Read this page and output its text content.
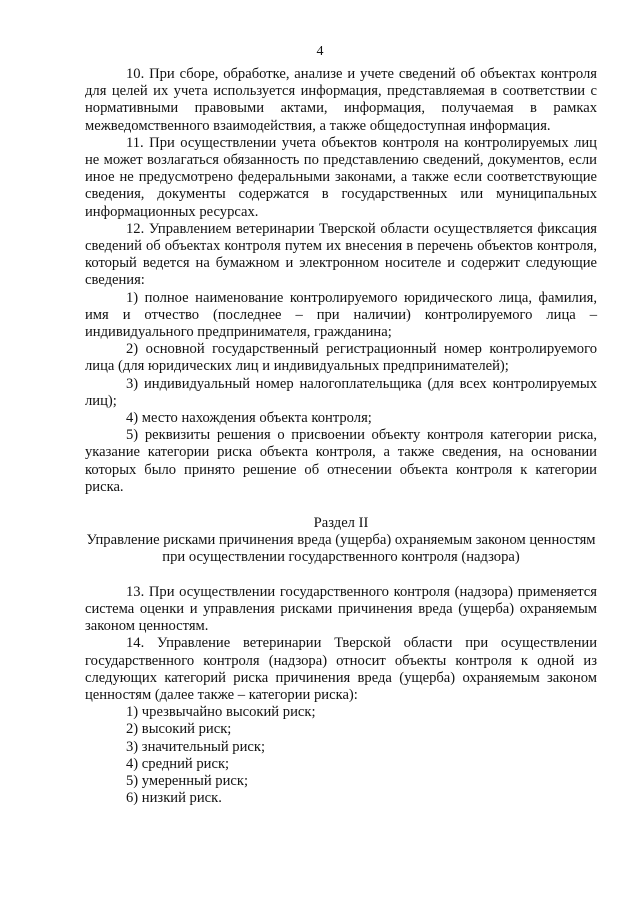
4

10. При сборе, обработке, анализе и учете сведений об объектах контроля для целей их учета используется информация, представляемая в соответствии с нормативными правовыми актами, информация, получаемая в рамках межведомственного взаимодействия, а также общедоступная информация.

11. При осуществлении учета объектов контроля на контролируемых лиц не может возлагаться обязанность по представлению сведений, документов, если иное не предусмотрено федеральными законами, а также если соответствующие сведения, документы содержатся в государственных или муниципальных информационных ресурсах.

12. Управлением ветеринарии Тверской области осуществляется фиксация сведений об объектах контроля путем их внесения в перечень объектов контроля, который ведется на бумажном и электронном носителе и содержит следующие сведения:

1) полное наименование контролируемого юридического лица, фамилия, имя и отчество (последнее – при наличии) контролируемого лица – индивидуального предпринимателя, гражданина;

2) основной государственный регистрационный номер контролируемого лица (для юридических лиц и индивидуальных предпринимателей);

3) индивидуальный номер налогоплательщика (для всех контролируемых лиц);

4) место нахождения объекта контроля;

5) реквизиты решения о присвоении объекту контроля категории риска, указание категории риска объекта контроля, а также сведения, на основании которых было принято решение об отнесении объекта контроля к категории риска.

Раздел II

Управление рисками причинения вреда (ущерба) охраняемым законом ценностям при осуществлении государственного контроля (надзора)

13. При осуществлении государственного контроля (надзора) применяется система оценки и управления рисками причинения вреда (ущерба) охраняемым законом ценностям.

14. Управление ветеринарии Тверской области при осуществлении государственного контроля (надзора) относит объекты контроля к одной из следующих категорий риска причинения вреда (ущерба) охраняемым законом ценностям (далее также – категории риска):

1) чрезвычайно высокий риск;

2) высокий риск;

3) значительный риск;

4) средний риск;

5) умеренный риск;

6) низкий риск.
